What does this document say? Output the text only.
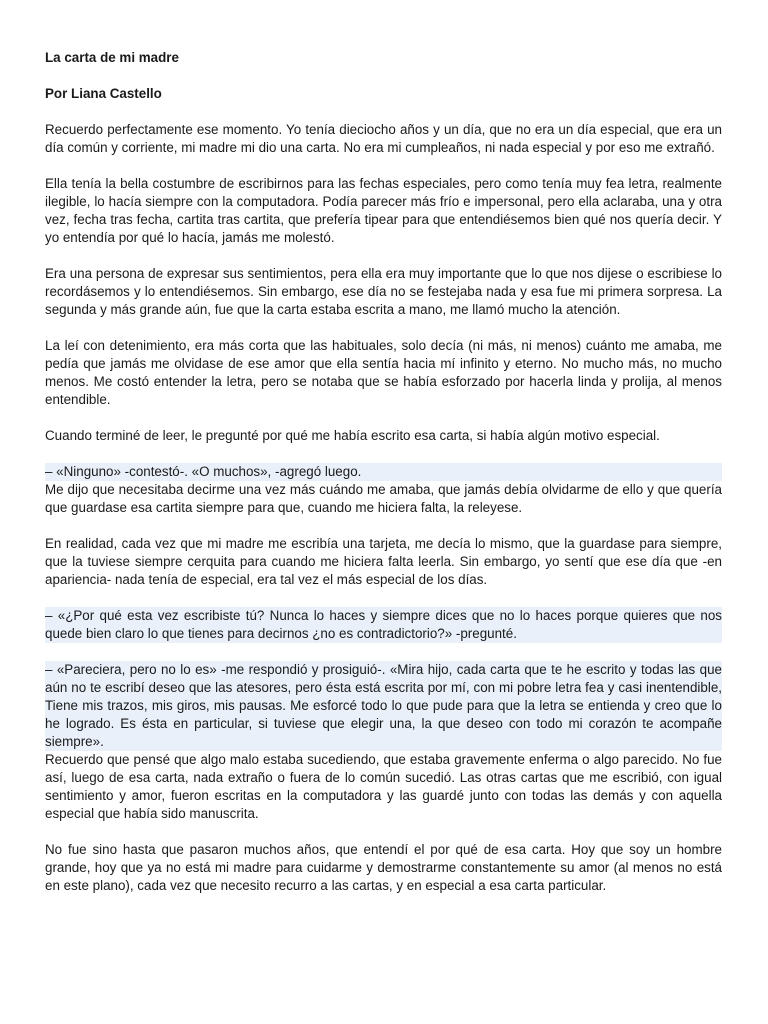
La carta de mi madre
Por Liana Castello

Recuerdo perfectamente ese momento. Yo tenía dieciocho años y un día, que no era un día especial, que era un día común y corriente, mi madre mi dio una carta. No era mi cumpleaños, ni nada especial y por eso me extrañó.

Ella tenía la bella costumbre de escribirnos para las fechas especiales, pero como tenía muy fea letra, realmente ilegible, lo hacía siempre con la computadora. Podía parecer más frío e impersonal, pero ella aclaraba, una y otra vez, fecha tras fecha, cartita tras cartita, que prefería tipear para que entendiésemos bien qué nos quería decir. Y yo entendía por qué lo hacía, jamás me molestó.

Era una persona de expresar sus sentimientos, pera ella era muy importante que lo que nos dijese o escribiese lo recordásemos y lo entendiésemos. Sin embargo, ese día no se festejaba nada y esa fue mi primera sorpresa. La segunda y más grande aún, fue que la carta estaba escrita a mano, me llamó mucho la atención.

La leí con detenimiento, era más corta que las habituales, solo decía (ni más, ni menos) cuánto me amaba, me pedía que jamás me olvidase de ese amor que ella sentía hacia mí infinito y eterno. No mucho más, no mucho menos. Me costó entender la letra, pero se notaba que se había esforzado por hacerla linda y prolija, al menos entendible.

Cuando terminé de leer, le pregunté por qué me había escrito esa carta, si había algún motivo especial.

– «Ninguno» -contestó-. «O muchos», -agregó luego.

Me dijo que necesitaba decirme una vez más cuándo me amaba, que jamás debía olvidarme de ello y que quería que guardase esa cartita siempre para que, cuando me hiciera falta, la releyese.

En realidad, cada vez que mi madre me escribía una tarjeta, me decía lo mismo, que la guardase para siempre, que la tuviese siempre cerquita para cuando me hiciera falta leerla. Sin embargo, yo sentí que ese día que -en apariencia- nada tenía de especial, era tal vez el más especial de los días.

– «¿Por qué esta vez escribiste tú? Nunca lo haces y siempre dices que no lo haces porque quieres que nos quede bien claro lo que tienes para decirnos ¿no es contradictorio?» -pregunté.

– «Pareciera, pero no lo es» -me respondió y prosiguió-. «Mira hijo, cada carta que te he escrito y todas las que aún no te escribí deseo que las atesores, pero ésta está escrita por mí, con mi pobre letra fea y casi inentendible, Tiene mis trazos, mis giros, mis pausas. Me esforcé todo lo que pude para que la letra se entienda y creo que lo he logrado. Es ésta en particular, si tuviese que elegir una, la que deseo con todo mi corazón te acompañe siempre».

Recuerdo que pensé que algo malo estaba sucediendo, que estaba gravemente enferma o algo parecido. No fue así, luego de esa carta, nada extraño o fuera de lo común sucedió. Las otras cartas que me escribió, con igual sentimiento y amor, fueron escritas en la computadora y las guardé junto con todas las demás y con aquella especial que había sido manuscrita.

No fue sino hasta que pasaron muchos años, que entendí el por qué de esa carta. Hoy que soy un hombre grande, hoy que ya no está mi madre para cuidarme y demostrarme constantemente su amor (al menos no está en este plano), cada vez que necesito recurro a las cartas, y en especial a esa carta particular.
